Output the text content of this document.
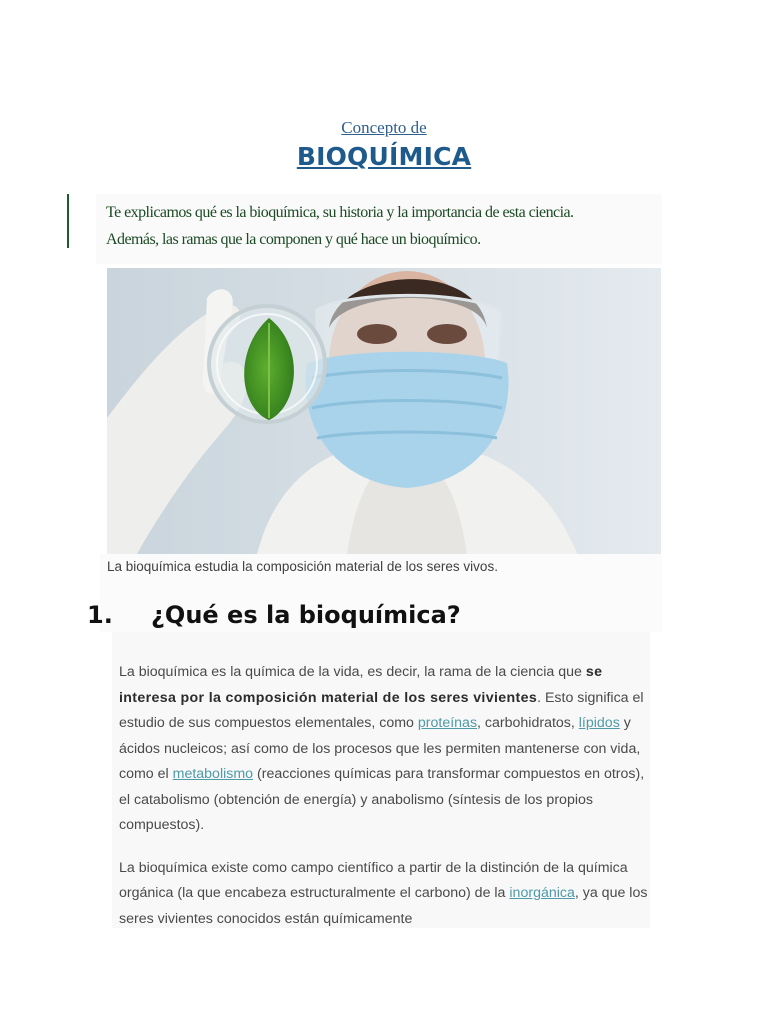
Concepto de
BIOQUÍMICA
Te explicamos qué es la bioquímica, su historia y la importancia de esta ciencia.
Además, las ramas que la componen y qué hace un bioquímico.
La bioquímica estudia la composición material de los seres vivos.
1. ¿Qué es la bioquímica?

La bioquímica es la química de la vida, es decir, la rama de la ciencia que se interesa por la composición material de los seres vivientes. Esto significa el estudio de sus compuestos elementales, como proteínas, carbohidratos, lípidos y ácidos nucleicos; así como de los procesos que les permiten mantenerse con vida, como el metabolismo (reacciones químicas para transformar compuestos en otros), el catabolismo (obtención de energía) y anabolismo (síntesis de los propios compuestos).

La bioquímica existe como campo científico a partir de la distinción de la química orgánica (la que encabeza estructuralmente el carbono) de la inorgánica, ya que los seres vivientes conocidos están químicamente
